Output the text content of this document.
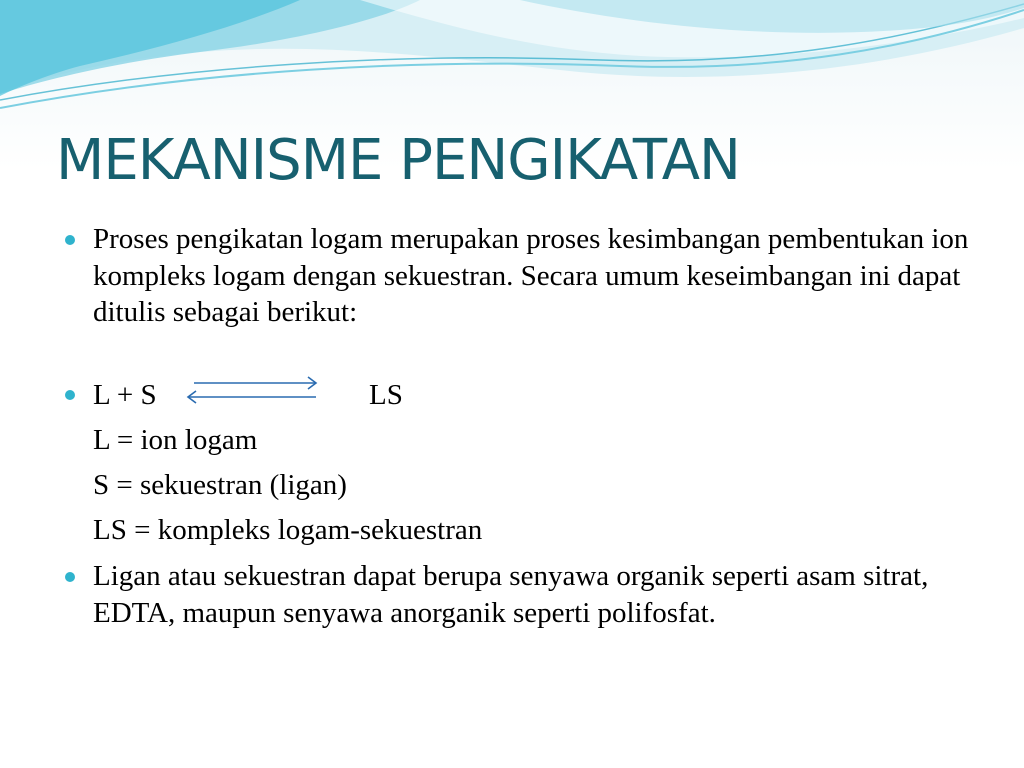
MEKANISME PENGIKATAN

Proses pengikatan logam merupakan proses kesimbangan pembentukan ion kompleks logam dengan sekuestran. Secara umum keseimbangan ini dapat ditulis sebagai berikut:

L + S	LS
L = ion logam
S = sekuestran (ligan)
LS = kompleks logam-sekuestran

Ligan atau sekuestran dapat berupa senyawa organik seperti asam sitrat, EDTA, maupun senyawa anorganik seperti polifosfat.
